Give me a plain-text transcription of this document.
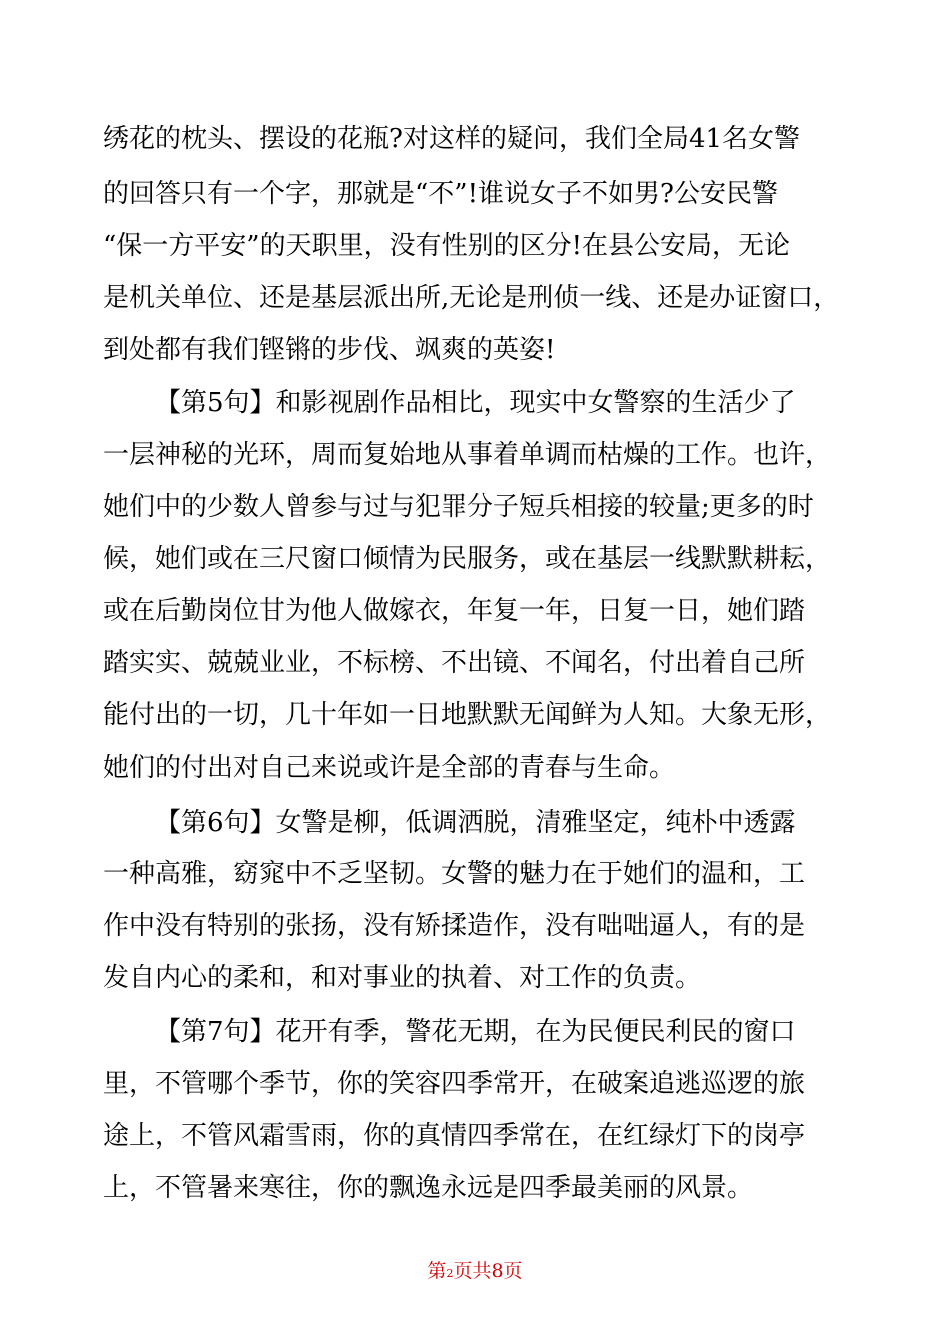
绣花的枕头、摆设的花瓶?对这样的疑问，我们全局41名女警
的回答只有一个字，那就是“不”!谁说女子不如男?公安民警
“保一方平安”的天职里，没有性别的区分!在县公安局，无论
是机关单位、还是基层派出所,无论是刑侦一线、还是办证窗口，
到处都有我们铿锵的步伐、飒爽的英姿!
【第5句】和影视剧作品相比，现实中女警察的生活少了
一层神秘的光环，周而复始地从事着单调而枯燥的工作。也许，
她们中的少数人曾参与过与犯罪分子短兵相接的较量;更多的时
候，她们或在三尺窗口倾情为民服务，或在基层一线默默耕耘，
或在后勤岗位甘为他人做嫁衣，年复一年，日复一日，她们踏
踏实实、兢兢业业，不标榜、不出镜、不闻名，付出着自己所
能付出的一切，几十年如一日地默默无闻鲜为人知。大象无形，
她们的付出对自己来说或许是全部的青春与生命。
【第6句】女警是柳，低调洒脱，清雅坚定，纯朴中透露
一种高雅，窈窕中不乏坚韧。女警的魅力在于她们的温和，工
作中没有特别的张扬，没有矫揉造作，没有咄咄逼人，有的是
发自内心的柔和，和对事业的执着、对工作的负责。
【第7句】花开有季，警花无期，在为民便民利民的窗口
里，不管哪个季节，你的笑容四季常开，在破案追逃巡逻的旅
途上，不管风霜雪雨，你的真情四季常在，在红绿灯下的岗亭
上，不管暑来寒往，你的飘逸永远是四季最美丽的风景。
第2页共8页
